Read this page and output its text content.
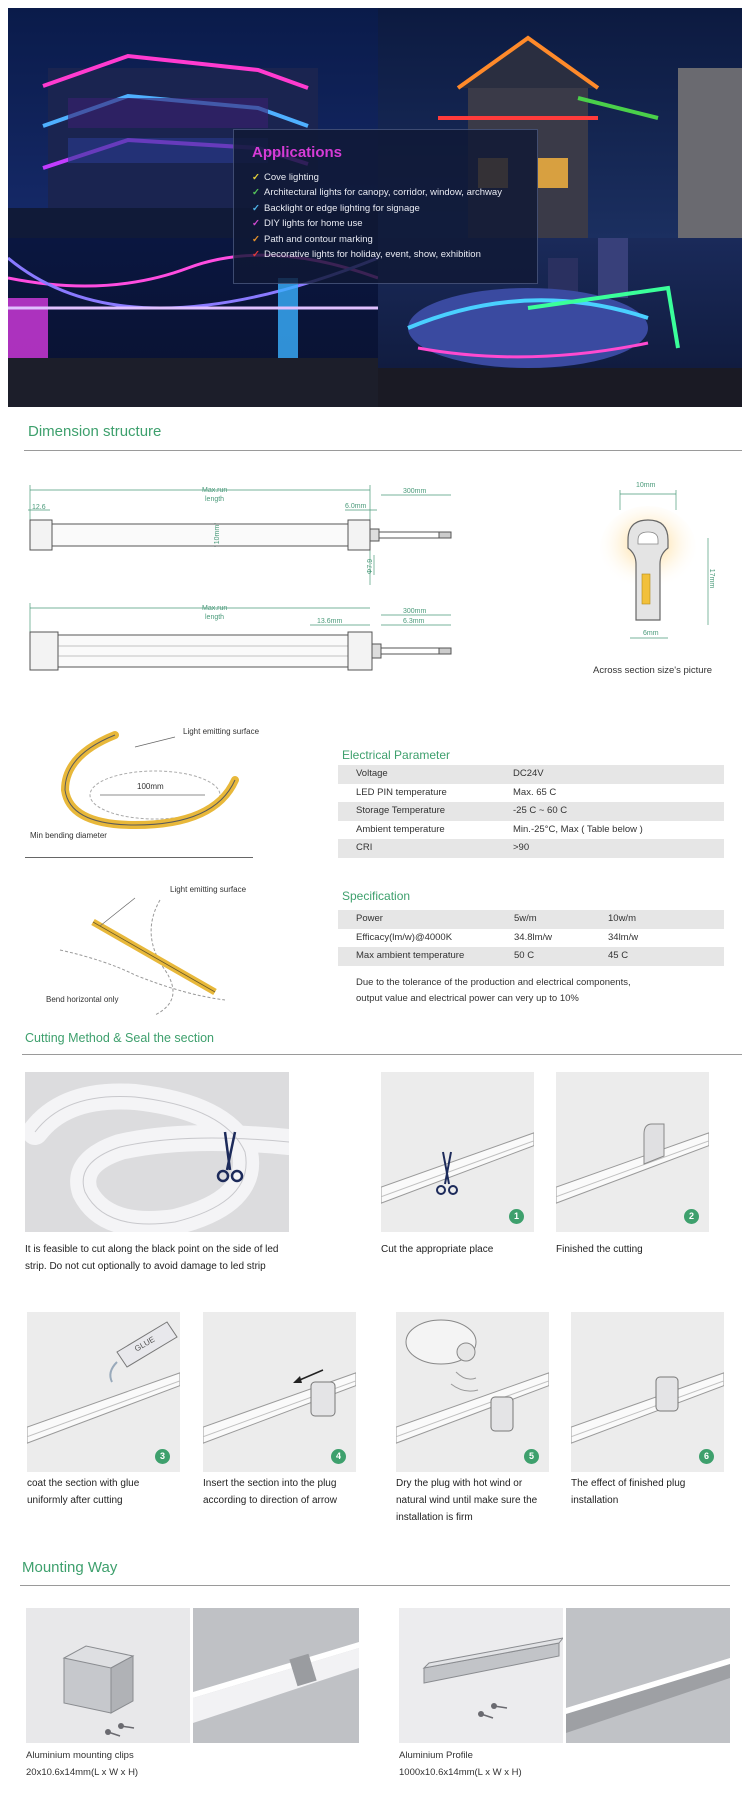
Applications
✓ Cove lighting
✓ Architectural lights for canopy, corridor, window, archway
✓ Backlight or edge lighting for signage
✓ DIY lights for home use
✓ Path and contour marking
✓ Decorative lights for holiday, event, show, exhibition
Dimension structure
Max.run
length
12.6	6.0mm
300mm
10mm
Φ7.9
Max.run
length
13.6mm
300mm
6.3mm
10mm
17mm
6mm
Across section size's picture
Light emitting surface
100mm
Min bending diameter
Light emitting surface
Bend horizontal only
Electrical Parameter
Voltage	DC24V
LED PIN temperature	Max. 65 C
Storage Temperature	-25 C ~ 60 C
Ambient temperature	Min.-25°C, Max ( Table below )
CRI	>90
Specification
Power	5w/m	10w/m
Efficacy(lm/w)@4000K	34.8lm/w	34lm/w
Max ambient temperature	50 C	45 C
Due to the tolerance of the production and electrical components,
output value and electrical power can very up to 10%
Cutting Method & Seal the section
It is feasible to cut along the black point on the side of led
strip. Do not cut optionally to avoid damage to led strip
1
Cut the appropriate place
2
Finished the cutting
GLUE
3
coat the section with glue
uniformly after cutting
4
Insert the section into the plug
according to direction of arrow
5
Dry the plug with hot wind or
natural wind until make sure the
installation is firm
6
The effect of finished plug
installation
Mounting Way
Aluminium mounting clips
20x10.6x14mm(L x W x H)
Aluminium Profile
1000x10.6x14mm(L x W x H)
